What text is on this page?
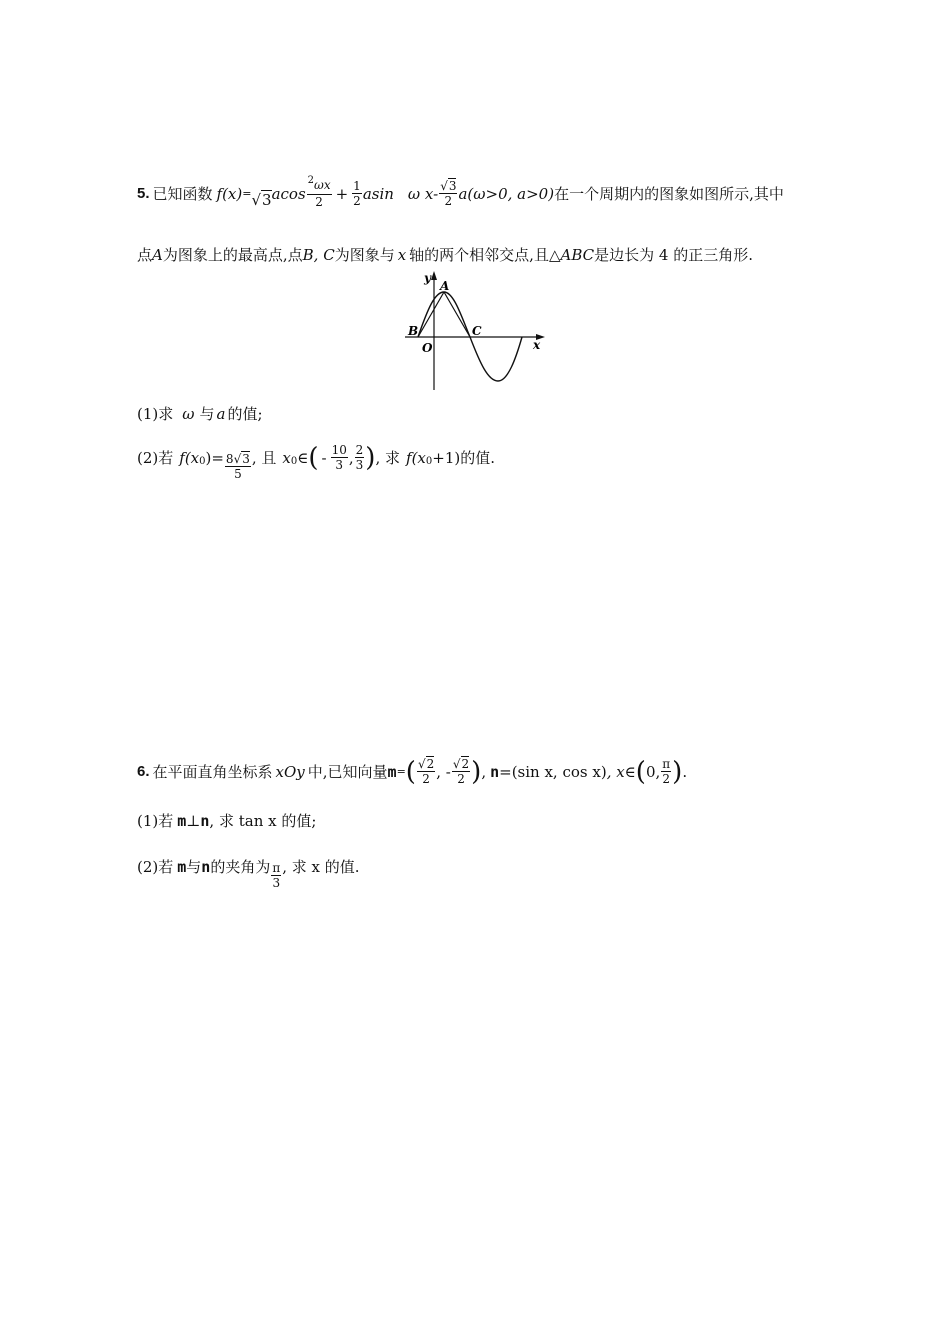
5. 已知函数 f(x) = √3 acos $\frac{^2\omega x}{2} + \frac{1}{2}$ asin ω $x- \frac{√3}{2} a(\omega>0$, a>0) 在一个周期内的图象如图所示,其中
点 A 为图象上的最高点,点 B, C 为图象与 x 轴的两个相邻交点,且△ ABC 是边长为 4 的正三角形.
y
A
B	C
O	x
(1)求 ω 与 a 的值;
(2)若 f (x 0 )= $\frac{8√3}{5}$ , 且 x 0 ∈ ( - $\frac{10}{3}$ , $\frac{2}{3}$ ) , 求 f (x 0 +1) 的值.
6. 在平面直角坐标系 xOy 中,已知向量 m = ( $\frac{√2}{2}$ , - $\frac{√2}{2}$ ) , n =(sin x, cos x) , x∈ ( 0, $\frac{\pi}{2}$ ) .
(1)若 m ⊥ n , 求 tan x 的值;
(2)若 m 与 n 的夹角为 $\frac{\pi}{3}$ , 求 x 的值.
